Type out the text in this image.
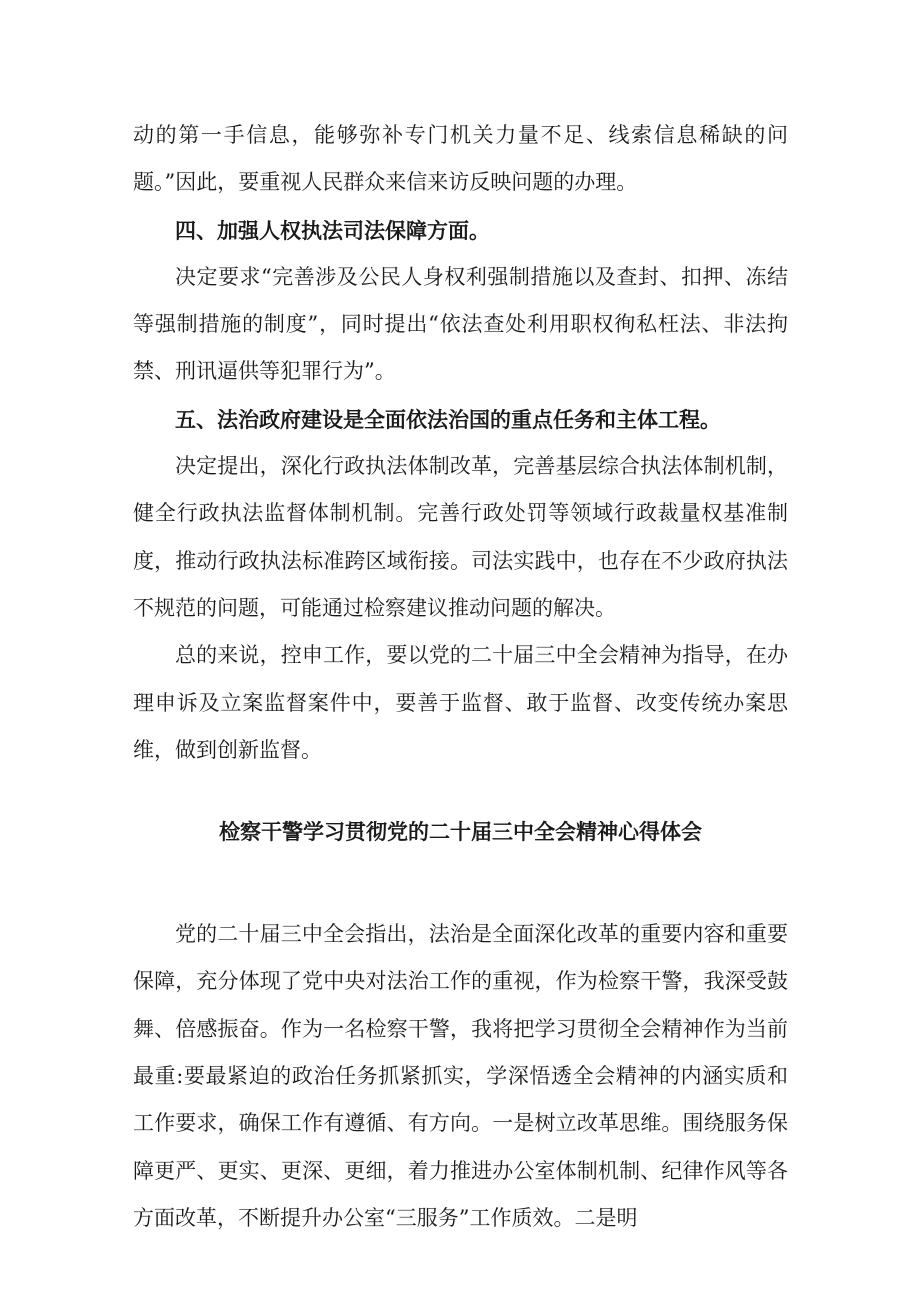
动的第一手信息，能够弥补专门机关力量不足、线索信息稀缺的问题。”因此，要重视人民群众来信来访反映问题的办理。

四、加强人权执法司法保障方面。

决定要求“完善涉及公民人身权利强制措施以及查封、扣押、冻结等强制措施的制度”，同时提出“依法查处利用职权徇私枉法、非法拘禁、刑讯逼供等犯罪行为”。

五、法治政府建设是全面依法治国的重点任务和主体工程。

决定提出，深化行政执法体制改革，完善基层综合执法体制机制，健全行政执法监督体制机制。完善行政处罚等领域行政裁量权基准制度，推动行政执法标准跨区域衔接。司法实践中，也存在不少政府执法不规范的问题，可能通过检察建议推动问题的解决。

总的来说，控申工作，要以党的二十届三中全会精神为指导，在办理申诉及立案监督案件中，要善于监督、敢于监督、改变传统办案思维，做到创新监督。

检察干警学习贯彻党的二十届三中全会精神心得体会

党的二十届三中全会指出，法治是全面深化改革的重要内容和重要保障，充分体现了党中央对法治工作的重视，作为检察干警，我深受鼓舞、倍感振奋。作为一名检察干警，我将把学习贯彻全会精神作为当前最重:要最紧迫的政治任务抓紧抓实，学深悟透全会精神的内涵实质和工作要求，确保工作有遵循、有方向。一是树立改革思维。围绕服务保障更严、更实、更深、更细，着力推进办公室体制机制、纪律作风等各方面改革，不断提升办公室“三服务”工作质效。二是明
